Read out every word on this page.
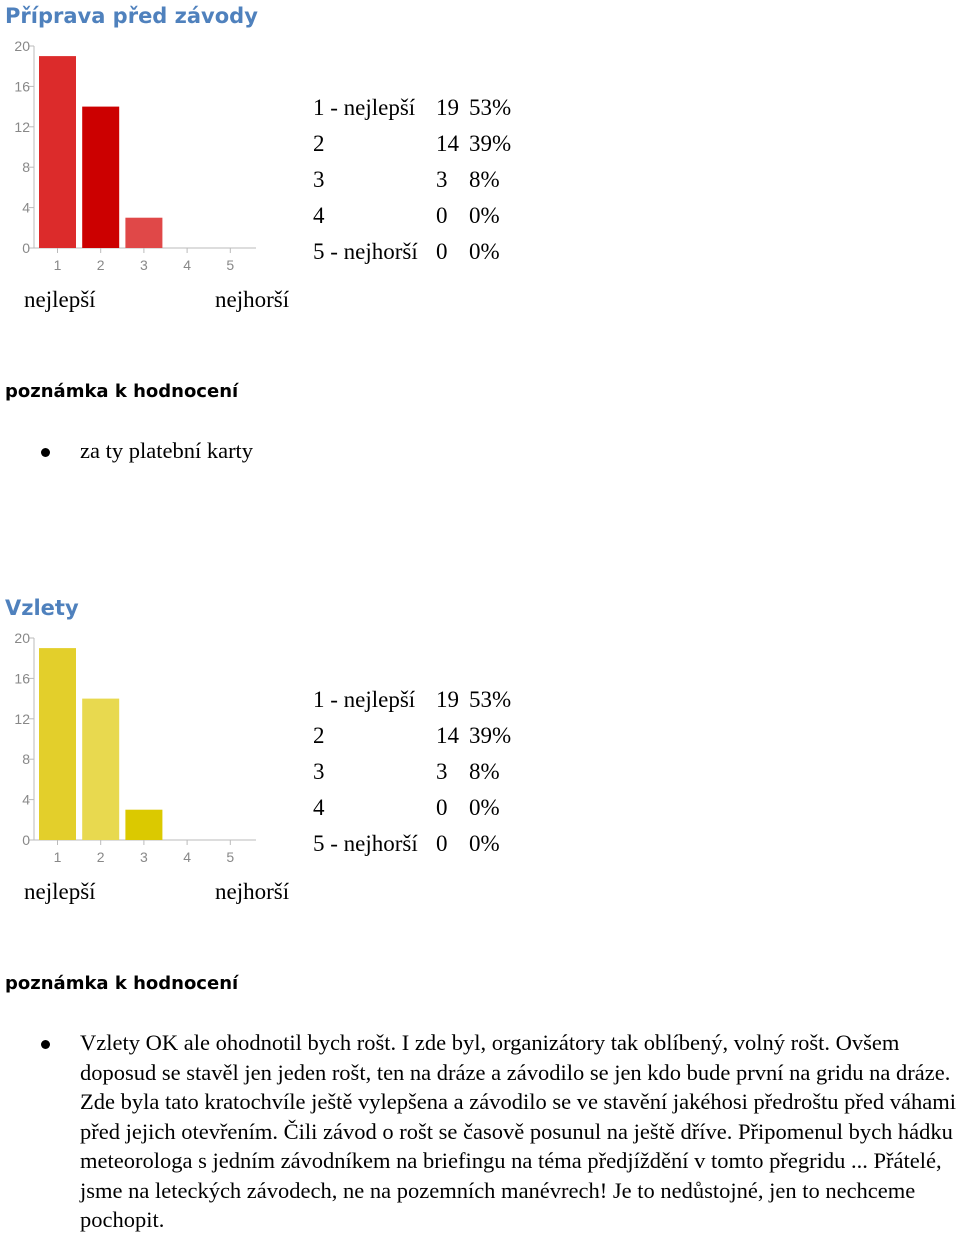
Příprava před závody
0
4
8
12
16
20
1	2	3	4	5
1 - nejlepší 19 53%
2	14 39%
3	3 8%
4	0 0%
5 - nejhorší 0 0%
nejlepší	nejhorší
poznámka k hodnocení
za ty platební karty
Vzlety
0
4
8
12
16
20
1	2	3	4	5
1 - nejlepší 19 53%
2	14 39%
3	3 8%
4	0 0%
5 - nejhorší 0 0%
nejlepší	nejhorší
poznámka k hodnocení
Vzlety OK ale ohodnotil bych rošt. I zde byl, organizátory tak oblíbený, volný rošt. Ovšem doposud se stavěl jen jeden rošt, ten na dráze a závodilo se jen kdo bude první na gridu na dráze. Zde byla tato kratochvíle ještě vylepšena a závodilo se ve stavění jakéhosi předroštu před váhami před jejich otevřením. Čili závod o rošt se časově posunul na ještě dříve. Připomenul bych hádku meteorologa s jedním závodníkem na briefingu na téma předjíždění v tomto přegridu ... Přátelé, jsme na leteckých závodech, ne na pozemních manévrech! Je to nedůstojné, jen to nechceme pochopit.
